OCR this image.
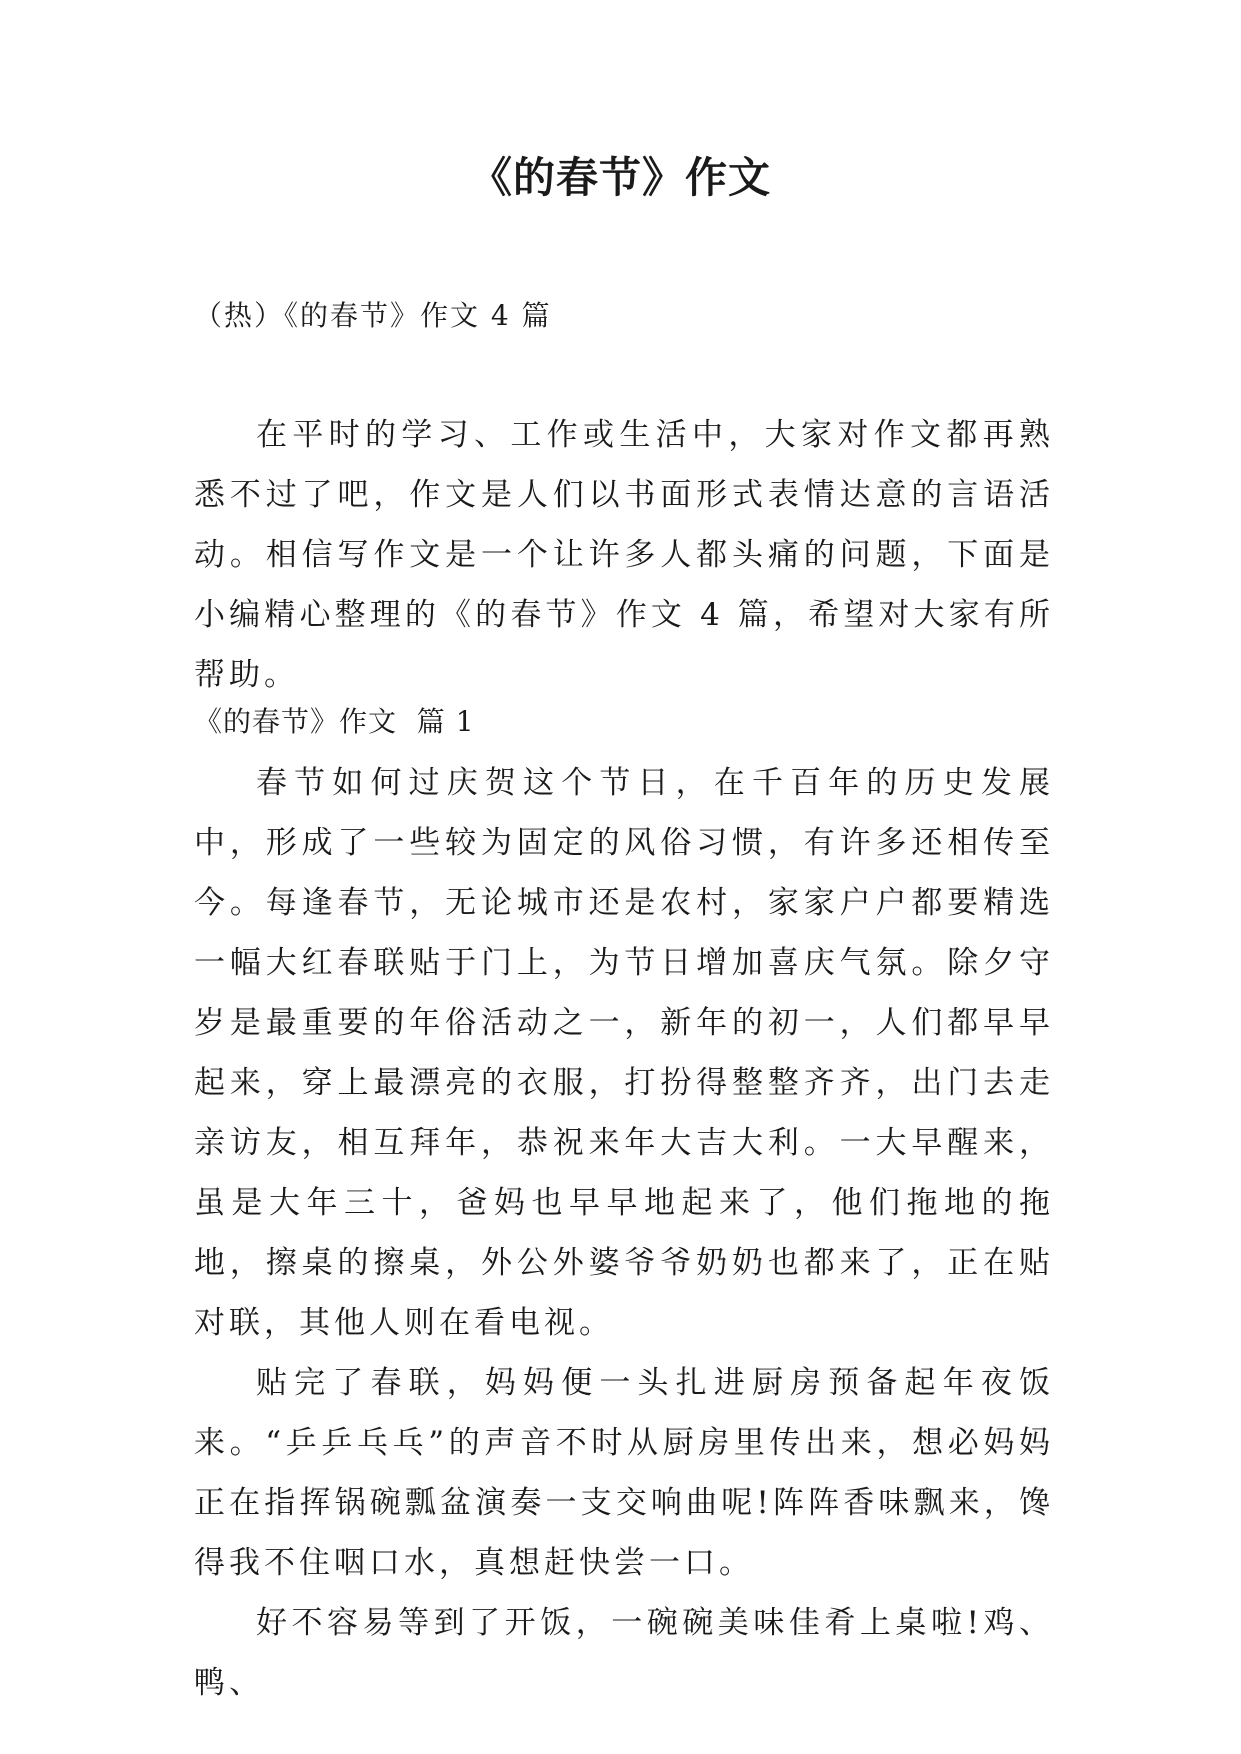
《的春节》作文
（热）《的春节》作文 4 篇

在平时的学习、工作或生活中，大家对作文都再熟悉不过了吧，作文是人们以书面形式表情达意的言语活动。相信写作文是一个让许多人都头痛的问题，下面是小编精心整理的《的春节》作文 4 篇，希望对大家有所帮助。

《的春节》作文  篇 1

春节如何过庆贺这个节日，在千百年的历史发展中，形成了一些较为固定的风俗习惯，有许多还相传至今。每逢春节，无论城市还是农村，家家户户都要精选一幅大红春联贴于门上，为节日增加喜庆气氛。除夕守岁是最重要的年俗活动之一，新年的初一，人们都早早起来，穿上最漂亮的衣服，打扮得整整齐齐，出门去走亲访友，相互拜年，恭祝来年大吉大利。一大早醒来，虽是大年三十，爸妈也早早地起来了，他们拖地的拖地，擦桌的擦桌，外公外婆爷爷奶奶也都来了，正在贴对联，其他人则在看电视。

贴完了春联，妈妈便一头扎进厨房预备起年夜饭来。“乒乒乓乓”的声音不时从厨房里传出来，想必妈妈正在指挥锅碗瓢盆演奏一支交响曲呢!阵阵香味飘来，馋得我不住咽口水，真想赶快尝一口。

好不容易等到了开饭，一碗碗美味佳肴上桌啦!鸡、鸭、
